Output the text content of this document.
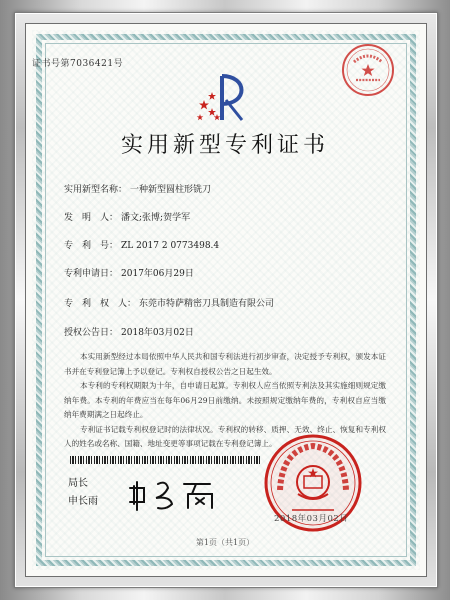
证书号第7036421号
实用新型专利证书
实用新型名称： 一种新型圆柱形铣刀
发　明　人： 潘文;张博;贺学军
专　利　号： ZL 2017 2 0773498.4
专利申请日： 2017年06月29日
专　利　权　人： 东莞市特萨精密刀具制造有限公司
授权公告日： 2018年03月02日
本实用新型经过本局依照中华人民共和国专利法进行初步审查，决定授予专利权，颁发本证书并在专利登记簿上予以登记。专利权自授权公告之日起生效。
本专利的专利权期限为十年，自申请日起算。专利权人应当依照专利法及其实施细则规定缴纳年费。本专利的年费应当在每年06月29日前缴纳。未按照规定缴纳年费的，专利权自应当缴纳年费期满之日起终止。
专利证书记载专利权登记时的法律状况。专利权的转移、质押、无效、终止、恢复和专利权人的姓名或名称、国籍、地址变更等事项记载在专利登记簿上。
局长
申长雨
2018年03月02日
第1页（共1页）
